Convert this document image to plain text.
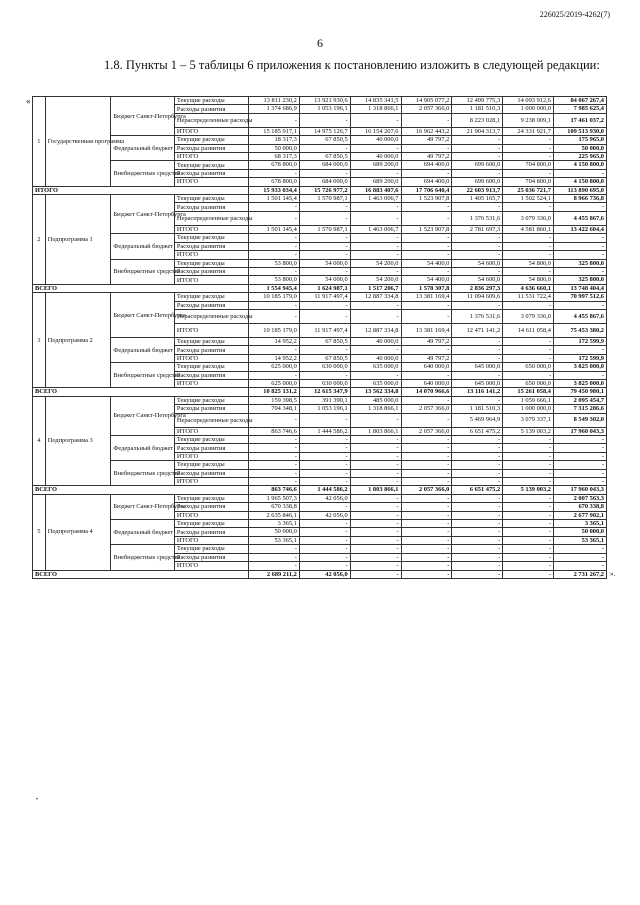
226025/2019-4262(7)
6
1.8. Пункты 1 – 5 таблицы 6 приложения к постановлению изложить в следующей редакции:
«
1	Государственная программа	Бюджет Санкт-Петербурга	Текущие расходы	13 811 230,2	13 921 930,6	14 835 341,5	14 905 077,2	12 499 775,3	14 093 912,6	84 067 267,4
			Расходы развития	1 374 686,9	1 053 196,1	1 318 866,1	2 057 366,0	1 181 510,3	1 000 000,0	7 985 625,4
			Нераспределенные расходы	-	-	-	-	8 223 028,1	9 238 009,1	17 461 037,2
			ИТОГО	15 185 917,1	14 975 126,7	16 154 207,6	16 962 443,2	21 904 313,7	24 331 921,7	109 513 930,0
		Федеральный бюджет	Текущие расходы	18 317,3	67 850,5	40 000,0	49 797,2	-	-	175 965,0
			Расходы развития	50 000,0	-	-	-	-	-	50 000,0
			ИТОГО	68 317,3	67 850,5	40 000,0	49 797,2	-	-	225 965,0
		Внебюджетные средства	Текущие расходы	678 800,0	684 000,0	689 200,0	694 400,0	699 600,0	704 800,0	4 150 800,0
			Расходы развития	-	-	-	-	-	-	-
			ИТОГО	678 800,0	684 000,0	689 200,0	694 400,0	699 600,0	704 800,0	4 150 800,0
ИТОГО				15 933 034,4	15 726 977,2	16 883 407,6	17 706 640,4	22 603 913,7	25 036 721,7	113 890 695,0
2	Подпрограмма 1	Бюджет Санкт-Петербурга	Текущие расходы	1 501 145,4	1 570 987,1	1 463 006,7	1 523 907,8	1 405 165,7	1 502 524,1	8 966 736,8
			Расходы развития	-	-	-	-	-	-	-
			Нераспределенные расходы	-	-	-	-	1 376 531,6	3 079 336,0	4 455 867,6
			ИТОГО	1 501 145,4	1 570 987,1	1 463 006,7	1 523 907,8	2 781 697,3	4 581 860,1	13 422 604,4
		Федеральный бюджет	Текущие расходы	-	-	-	-	-	-	-
			Расходы развития	-	-	-	-	-	-	-
			ИТОГО	-	-	-	-	-	-	-
		Внебюджетные средства	Текущие расходы	53 800,0	54 000,0	54 200,0	54 400,0	54 600,0	54 800,0	325 800,0
			Расходы развития	-	-	-	-	-	-	-
			ИТОГО	53 800,0	54 000,0	54 200,0	54 400,0	54 600,0	54 800,0	325 800,0
ВСЕГО				1 554 945,4	1 624 987,1	1 517 206,7	1 578 307,8	2 836 297,3	4 636 660,1	13 748 404,4
3	Подпрограмма 2	Бюджет Санкт-Петербурга	Текущие расходы	10 185 179,0	11 917 497,4	12 887 334,8	13 381 169,4	11 094 609,6	11 531 722,4	70 997 512,6
			Расходы развития	-	-	-	-	-	-	-
			Нераспределенные расходы	-	-	-	-	1 376 531,6	3 079 336,0	4 455 867,6
			ИТОГО	10 185 179,0	11 917 497,4	12 887 334,8	13 381 169,4	12 471 141,2	14 611 058,4	75 453 380,2
		Федеральный бюджет	Текущие расходы	14 952,2	67 850,5	40 000,0	49 797,2	-	-	172 599,9
			Расходы развития	-	-	-	-	-	-	-
			ИТОГО	14 952,2	67 850,5	40 000,0	49 797,2	-	-	172 599,9
		Внебюджетные средства	Текущие расходы	625 000,0	630 000,0	635 000,0	640 000,0	645 000,0	650 000,0	3 825 000,0
			Расходы развития	-	-	-	-	-	-	-
			ИТОГО	625 000,0	630 000,0	635 000,0	640 000,0	645 000,0	650 000,0	3 825 000,0
ВСЕГО				10 825 131,2	12 615 347,9	13 562 334,8	14 070 966,6	13 116 141,2	15 261 058,4	79 450 980,1
4	Подпрограмма 3	Бюджет Санкт-Петербурга	Текущие расходы	159 398,5	391 390,1	485 000,0	-	-	1 059 666,1	2 095 454,7
			Расходы развития	704 348,1	1 053 196,1	1 318 866,1	2 057 366,0	1 181 510,3	1 000 000,0	7 315 286,6
			Нераспределенные расходы	-	-	-	-	5 469 964,9	3 079 337,1	8 549 302,0
			ИТОГО	863 746,6	1 444 586,2	1 803 866,1	2 057 366,0	6 651 475,2	5 139 003,2	17 960 043,3
		Федеральный бюджет	Текущие расходы	-	-	-	-	-	-	-
			Расходы развития	-	-	-	-	-	-	-
			ИТОГО	-	-	-	-	-	-	-
		Внебюджетные средства	Текущие расходы	-	-	-	-	-	-	-
			Расходы развития	-	-	-	-	-	-	-
			ИТОГО	-	-	-	-	-	-	-
ВСЕГО				863 746,6	1 444 586,2	1 803 866,1	2 057 366,0	6 651 475,2	5 139 003,2	17 960 043,3
5	Подпрограмма 4	Бюджет Санкт-Петербурга	Текущие расходы	1 965 507,3	42 056,0	-	-	-	-	2 007 563,3
			Расходы развития	670 338,8	-	-	-	-	-	670 338,8
			ИТОГО	2 635 846,1	42 056,0	-	-	-	-	2 677 902,1
		Федеральный бюджет	Текущие расходы	3 365,1	-	-	-	-	-	3 365,1
			Расходы развития	50 000,0	-	-	-	-	-	50 000,0
			ИТОГО	53 365,1	-	-	-	-	-	53 365,1
		Внебюджетные средства	Текущие расходы	-	-	-	-	-	-	-
			Расходы развития	-	-	-	-	-	-	-
			ИТОГО	-	-	-	-	-	-	-
ВСЕГО				2 689 211,2	42 056,0	-	-	-	-	2 731 267,2 ».
•
